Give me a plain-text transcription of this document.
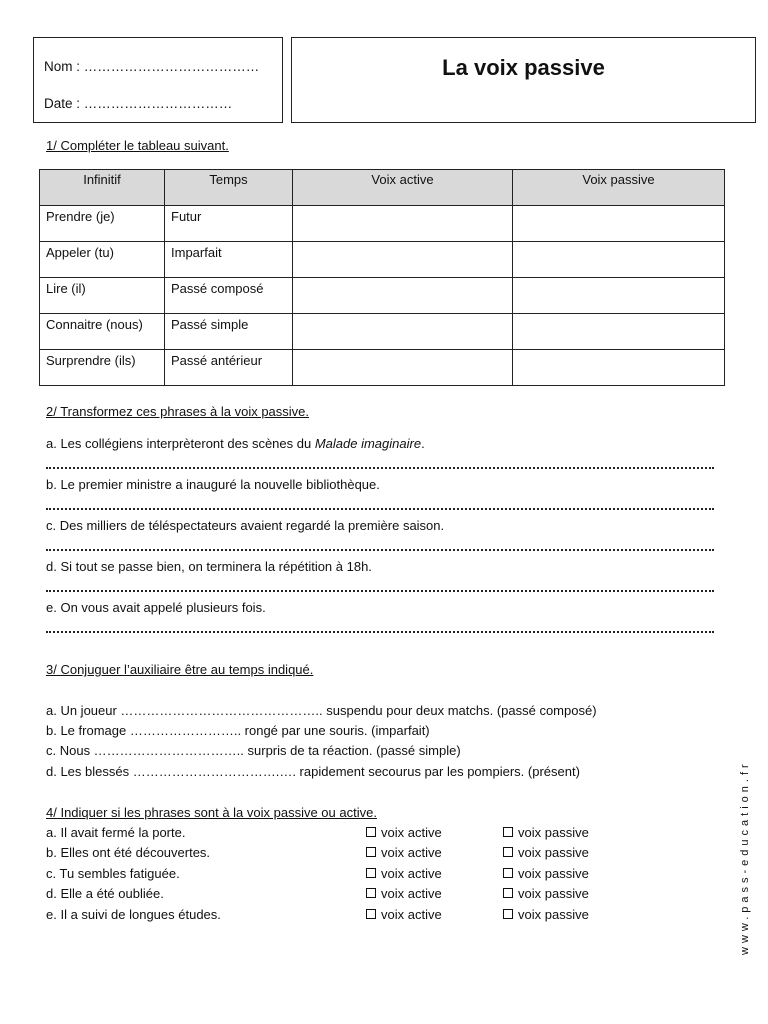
Nom : …………………………………
Date : ……………………………
La voix passive
1/ Compléter le tableau suivant.
Infinitif	Temps	Voix active	Voix passive
Prendre (je)	Futur		
Appeler (tu)	Imparfait		
Lire (il)	Passé composé		
Connaitre (nous)	Passé simple		
Surprendre (ils)	Passé antérieur		
2/ Transformez ces phrases à la voix passive.
a. Les collégiens interprèteront des scènes du Malade imaginaire.
b. Le premier ministre a inauguré la nouvelle bibliothèque.
c. Des milliers de téléspectateurs avaient regardé la première saison.
d. Si tout se passe bien, on terminera la répétition à 18h.
e. On vous avait appelé plusieurs fois.
3/ Conjuguer l’auxiliaire être au temps indiqué.
a. Un joueur ……………………………………….. suspendu pour deux matchs. (passé composé)
b. Le fromage …………………….. rongé par une souris. (imparfait)
c. Nous …………………………….. surpris de ta réaction. (passé simple)
d. Les blessés …………………………….…. rapidement secourus par les pompiers. (présent)
4/ Indiquer si les phrases sont à la voix passive ou active.
a. Il avait fermé la porte.	voix active	voix passive
b. Elles ont été découvertes.	voix active	voix passive
c. Tu sembles fatiguée.	voix active	voix passive
d. Elle a été oubliée.	voix active	voix passive
e. Il a suivi de longues études.	voix active	voix passive	www.pass-education.fr
